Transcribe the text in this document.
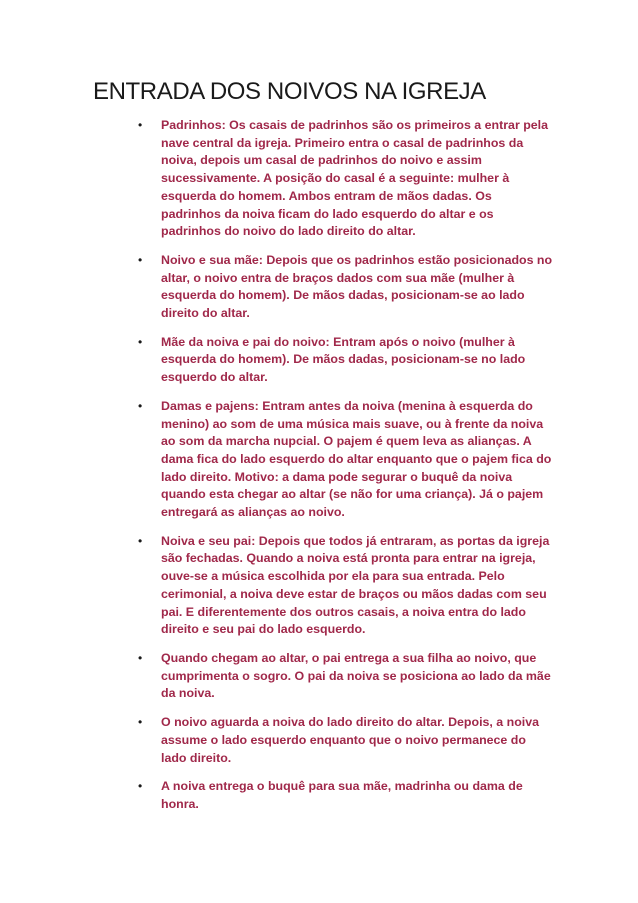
ENTRADA DOS NOIVOS NA IGREJA
• Padrinhos: Os casais de padrinhos são os primeiros a entrar pela nave central da igreja. Primeiro entra o casal de padrinhos da noiva, depois um casal de padrinhos do noivo e assim sucessivamente. A posição do casal é a seguinte: mulher à esquerda do homem. Ambos entram de mãos dadas. Os padrinhos da noiva ficam do lado esquerdo do altar e os padrinhos do noivo do lado direito do altar.
• Noivo e sua mãe: Depois que os padrinhos estão posicionados no altar, o noivo entra de braços dados com sua mãe (mulher à esquerda do homem). De mãos dadas, posicionam-se ao lado direito do altar.
• Mãe da noiva e pai do noivo: Entram após o noivo (mulher à esquerda do homem). De mãos dadas, posicionam-se no lado esquerdo do altar.
• Damas e pajens: Entram antes da noiva (menina à esquerda do menino) ao som de uma música mais suave, ou à frente da noiva ao som da marcha nupcial. O pajem é quem leva as alianças. A dama fica do lado esquerdo do altar enquanto que o pajem fica do lado direito. Motivo: a dama pode segurar o buquê da noiva quando esta chegar ao altar (se não for uma criança). Já o pajem entregará as alianças ao noivo.
• Noiva e seu pai: Depois que todos já entraram, as portas da igreja são fechadas. Quando a noiva está pronta para entrar na igreja, ouve-se a música escolhida por ela para sua entrada. Pelo cerimonial, a noiva deve estar de braços ou mãos dadas com seu pai. E diferentemente dos outros casais, a noiva entra do lado direito e seu pai do lado esquerdo.
• Quando chegam ao altar, o pai entrega a sua filha ao noivo, que cumprimenta o sogro. O pai da noiva se posiciona ao lado da mãe da noiva.
• O noivo aguarda a noiva do lado direito do altar. Depois, a noiva assume o lado esquerdo enquanto que o noivo permanece do lado direito.
• A noiva entrega o buquê para sua mãe, madrinha ou dama de honra.
